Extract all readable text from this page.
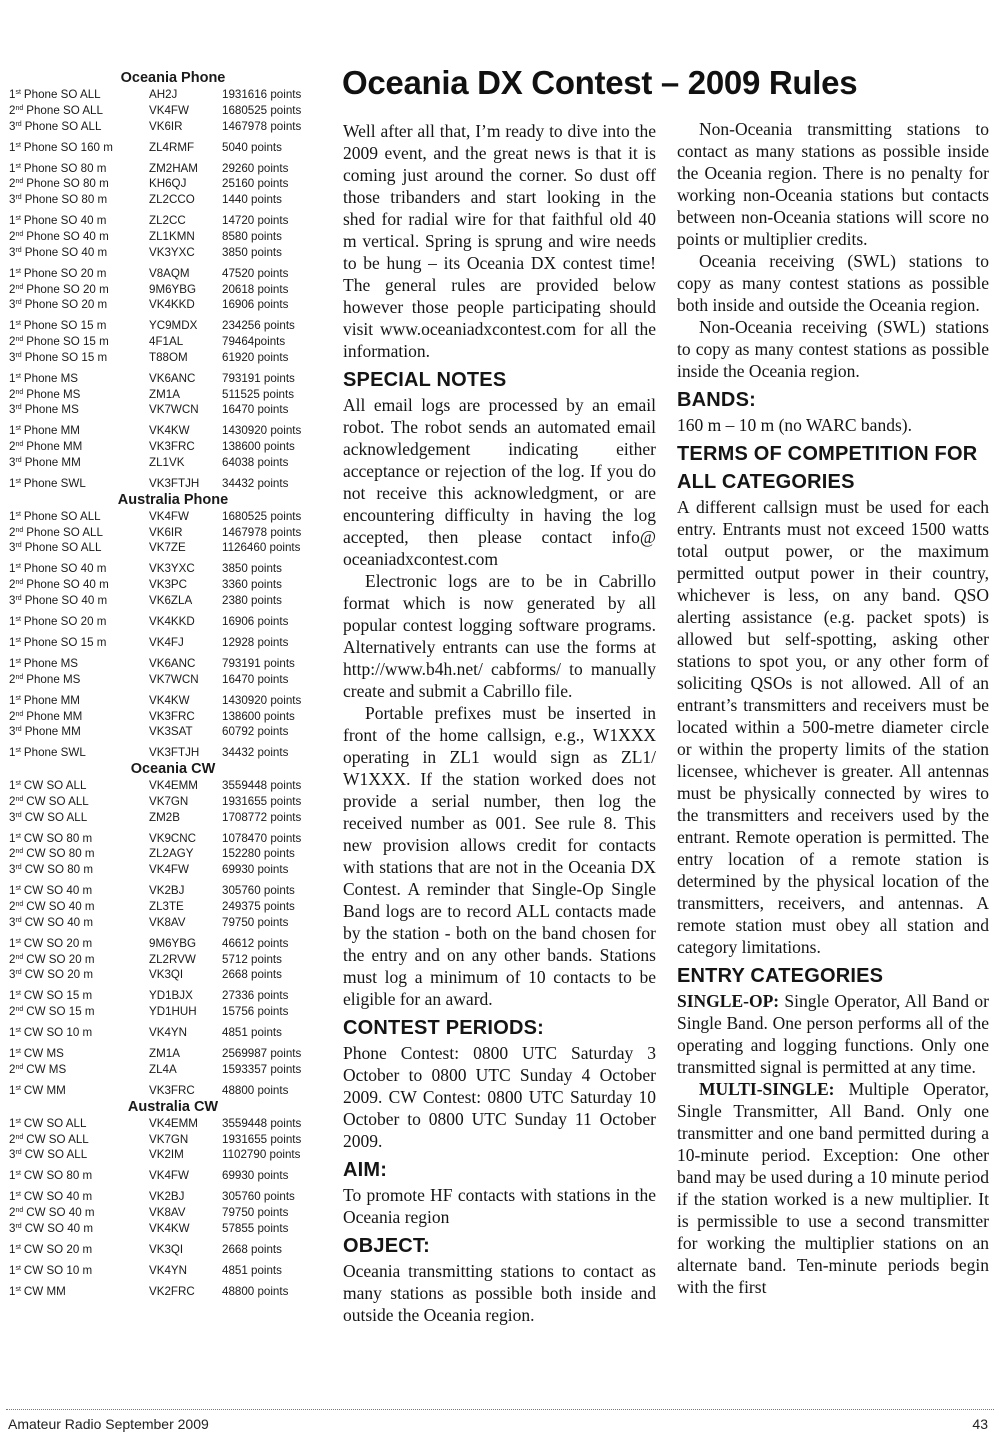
Oceania Phone
1st Phone SO ALL	AH2J	1931616 points
2nd Phone SO ALL	VK4FW	1680525 points
3rd Phone SO ALL	VK6IR	1467978 points
1st Phone SO 160 m	ZL4RMF 5040 points
1st Phone SO 80 m	ZM2HAM 29260 points
2nd Phone SO 80 m	KH6QJ	25160 points
3rd Phone SO 80 m	ZL2CCO 1440 points
1st Phone SO 40 m	ZL2CC	14720 points
2nd Phone SO 40 m	ZL1KMN 8580 points
3rd Phone SO 40 m	VK3YXC 3850 points
1st Phone SO 20 m	V8AQM	47520 points
2nd Phone SO 20 m	9M6YBG 20618 points
3rd Phone SO 20 m	VK4KKD 16906 points
1st Phone SO 15 m	YC9MDX 234256 points
2nd Phone SO 15 m	4F1AL	79464points
3rd Phone SO 15 m	T88OM	61920 points
1st Phone MS	VK6ANC 793191 points
2nd Phone MS	ZM1A	511525 points
3rd Phone MS	VK7WCN 16470 points
1st Phone MM	VK4KW	1430920 points
2nd Phone MM	VK3FRC 138600 points
3rd Phone MM	ZL1VK	64038 points
1st Phone SWL	VK3FTJH 34432 points
Australia Phone
1st Phone SO ALL	VK4FW	1680525 points
2nd Phone SO ALL	VK6IR	1467978 points
3rd Phone SO ALL	VK7ZE	1126460 points
1st Phone SO 40 m	VK3YXC 3850 points
2nd Phone SO 40 m	VK3PC	3360 points
3rd Phone SO 40 m	VK6ZLA	2380 points
1st Phone SO 20 m	VK4KKD 16906 points
1st Phone SO 15 m	VK4FJ	12928 points
1st Phone MS	VK6ANC 793191 points
2nd Phone MS	VK7WCN 16470 points
1st Phone MM	VK4KW	1430920 points
2nd Phone MM	VK3FRC 138600 points
3rd Phone MM	VK3SAT	60792 points
1st Phone SWL	VK3FTJH 34432 points
Oceania CW
1st CW SO ALL	VK4EMM 3559448 points
2nd CW SO ALL	VK7GN	1931655 points
3rd CW SO ALL	ZM2B	1708772 points
1st CW SO 80 m	VK9CNC 1078470 points
2nd CW SO 80 m	ZL2AGY 152280 points
3rd CW SO 80 m	VK4FW	69930 points
1st CW SO 40 m	VK2BJ	305760 points
2nd CW SO 40 m	ZL3TE	249375 points
3rd CW SO 40 m	VK8AV	79750 points
1st CW SO 20 m	9M6YBG 46612 points
2nd CW SO 20 m	ZL2RVW 5712 points
3rd CW SO 20 m	VK3QI	2668 points
1st CW SO 15 m	YD1BJX	27336 points
2nd CW SO 15 m	YD1HUH 15756 points
1st CW SO 10 m	VK4YN	4851 points
1st CW MS	ZM1A	2569987 points
2nd CW MS	ZL4A	1593357 points
1st CW MM	VK3FRC 48800 points
Australia CW
1st CW SO ALL	VK4EMM 3559448 points
2nd CW SO ALL	VK7GN	1931655 points
3rd CW SO ALL	VK2IM	1102790 points
1st CW SO 80 m	VK4FW	69930 points
1st CW SO 40 m	VK2BJ	305760 points
2nd CW SO 40 m	VK8AV	79750 points
3rd CW SO 40 m	VK4KW	57855 points
1st CW SO 20 m	VK3QI	2668 points
1st CW SO 10 m	VK4YN	4851 points
1st CW MM	VK2FRC 48800 points
Oceania DX Contest – 2009 Rules

Well after all that, I’m ready to dive into the 2009 event, and the great news is that it is coming just around the corner. So dust off those tribanders and start looking in the shed for radial wire for that faithful old 40 m vertical. Spring is sprung and wire needs to be hung – its Oceania DX contest time! The general rules are provided below however those people participating should visit www.oceaniadxcontest.com for all the information.

SPECIAL NOTES

All email logs are processed by an email robot. The robot sends an automated email acknowledgement indicating either acceptance or rejection of the log. If you do not receive this acknowledgment, or are encountering difficulty in having the log accepted, then please contact info@ oceaniadxcontest.com

Electronic logs are to be in Cabrillo format which is now generated by all popular contest logging software programs. Alternatively entrants can use the forms at http://www.b4h.net/ cabforms/ to manually create and submit a Cabrillo file.

Portable prefixes must be inserted in front of the home callsign, e.g., W1XXX operating in ZL1 would sign as ZL1/ W1XXX. If the station worked does not provide a serial number, then log the received number as 001. See rule 8. This new provision allows credit for contacts with stations that are not in the Oceania DX Contest. A reminder that Single-Op Single Band logs are to record ALL contacts made by the station - both on the band chosen for the entry and on any other bands. Stations must log a minimum of 10 contacts to be eligible for an award.

CONTEST PERIODS:

Phone Contest: 0800 UTC Saturday 3 October to 0800 UTC Sunday 4 October 2009. CW Contest: 0800 UTC Saturday 10 October to 0800 UTC Sunday 11 October 2009.

AIM:

To promote HF contacts with stations in the Oceania region

OBJECT:

Oceania transmitting stations to contact as many stations as possible both inside and outside the Oceania region.

Non-Oceania transmitting stations to contact as many stations as possible inside the Oceania region. There is no penalty for working non-Oceania stations but contacts between non-Oceania stations will score no points or multiplier credits.

Oceania receiving (SWL) stations to copy as many contest stations as possible both inside and outside the Oceania region.

Non-Oceania receiving (SWL) stations to copy as many contest stations as possible inside the Oceania region.

BANDS:

160 m – 10 m (no WARC bands).

TERMS OF COMPETITION FOR ALL CATEGORIES

A different callsign must be used for each entry. Entrants must not exceed 1500 watts total output power, or the maximum permitted output power in their country, whichever is less, on any band. QSO alerting assistance (e.g. packet spots) is allowed but self-spotting, asking other stations to spot you, or any other form of soliciting QSOs is not allowed. All of an entrant’s transmitters and receivers must be located within a 500-metre diameter circle or within the property limits of the station licensee, whichever is greater. All antennas must be physically connected by wires to the transmitters and receivers used by the entrant. Remote operation is permitted. The entry location of a remote station is determined by the physical location of the transmitters, receivers, and antennas. A remote station must obey all station and category limitations.

ENTRY CATEGORIES

SINGLE-OP: Single Operator, All Band or Single Band. One person performs all of the operating and logging functions. Only one transmitted signal is permitted at any time.

MULTI-SINGLE: Multiple Operator, Single Transmitter, All Band. Only one transmitter and one band permitted during a 10-minute period. Exception: One other band may be used during a 10 minute period if the station worked is a new multiplier. It is permissible to use a second transmitter for working the multiplier stations on an alternate band. Ten-minute periods begin with the first

Amateur Radio September 2009	43
